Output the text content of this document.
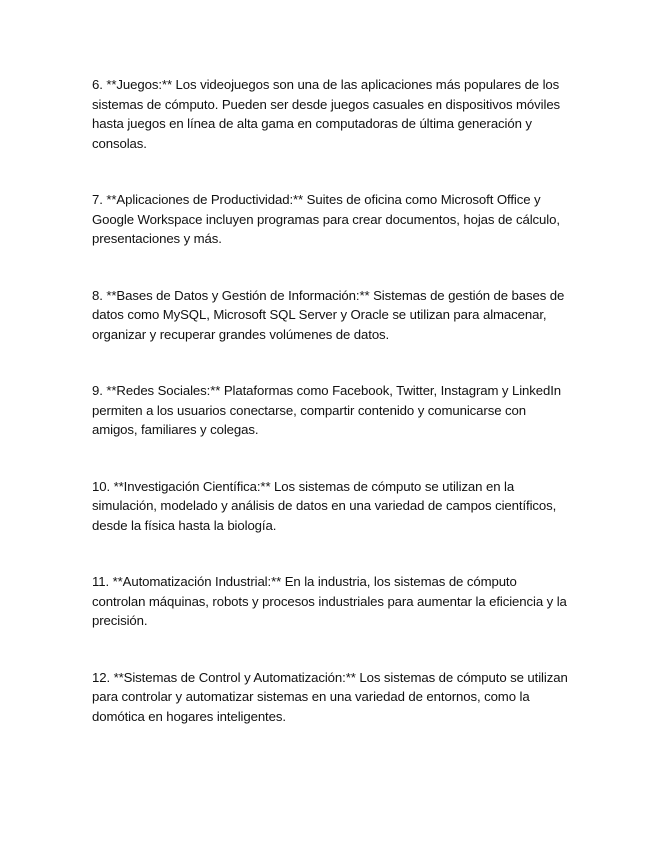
6. **Juegos:** Los videojuegos son una de las aplicaciones más populares de los sistemas de cómputo. Pueden ser desde juegos casuales en dispositivos móviles hasta juegos en línea de alta gama en computadoras de última generación y consolas.

7. **Aplicaciones de Productividad:** Suites de oficina como Microsoft Office y Google Workspace incluyen programas para crear documentos, hojas de cálculo, presentaciones y más.

8. **Bases de Datos y Gestión de Información:** Sistemas de gestión de bases de datos como MySQL, Microsoft SQL Server y Oracle se utilizan para almacenar, organizar y recuperar grandes volúmenes de datos.

9. **Redes Sociales:** Plataformas como Facebook, Twitter, Instagram y LinkedIn permiten a los usuarios conectarse, compartir contenido y comunicarse con amigos, familiares y colegas.

10. **Investigación Científica:** Los sistemas de cómputo se utilizan en la simulación, modelado y análisis de datos en una variedad de campos científicos, desde la física hasta la biología.

11. **Automatización Industrial:** En la industria, los sistemas de cómputo controlan máquinas, robots y procesos industriales para aumentar la eficiencia y la precisión.

12. **Sistemas de Control y Automatización:** Los sistemas de cómputo se utilizan para controlar y automatizar sistemas en una variedad de entornos, como la domótica en hogares inteligentes.
